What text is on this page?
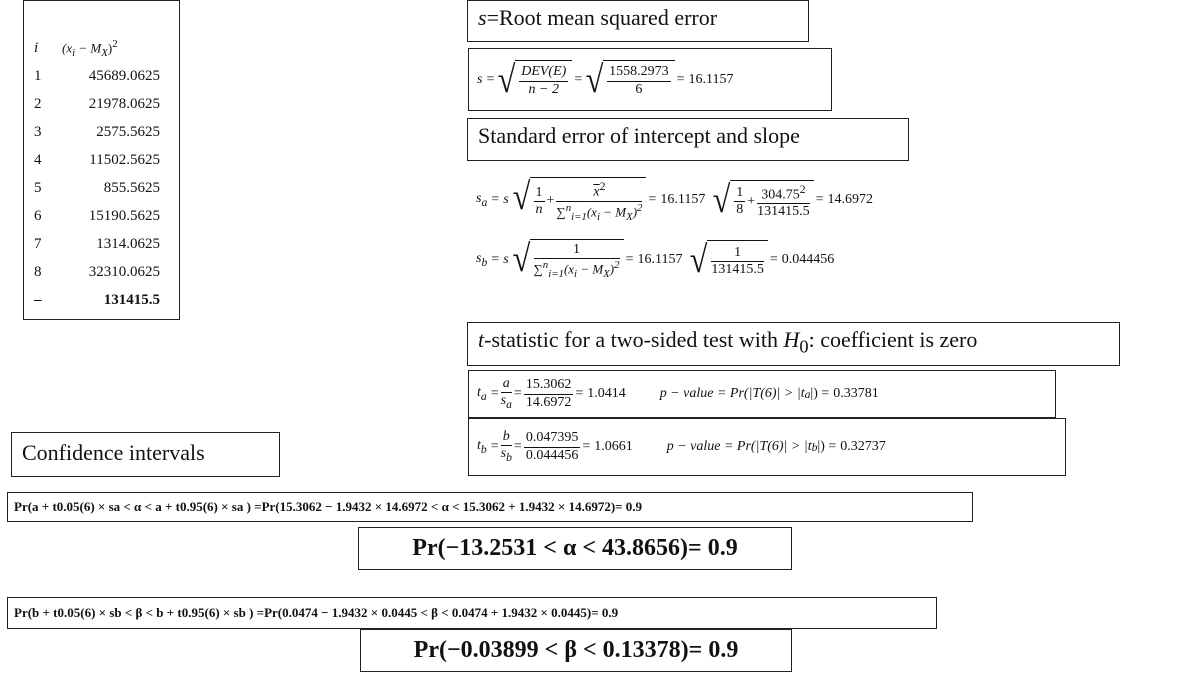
i	$(x_i - M_X)^2$
1	45689.0625
2	21978.0625
3	2575.5625
4	11502.5625
5	855.5625
6	15190.5625
7	1314.0625
8	32310.0625
–	131415.5
s=Root mean squared error
s = √ $\frac{\text{DEV(E)}}{n - 2}$ = √ $\frac{1558.2973}{6} = 16.1157$
Standard error of intercept and slope
$s_a = s$ √ $\frac{1}{n} + \frac{\overline{x}^2}{\sum^n_{i=1}(x_i - M_X)^2} = 16.1157$ √ $\frac{1}{8} + \frac{304.75^2}{131415.5} = 14.6972$
$s_b = s$ √ $\frac{1}{\sum^n_{i=1}(x_i - M_X)^2} = 16.1157$ √ $\frac{1}{131415.5} = 0.044456$
t-statistic for a two-sided test with $H_0$: coefficient is zero
$t_a = \frac{a}{s_a} = \frac{15.3062}{14.6972} = 1.0414$ p − value = Pr(|T(6)| > |t a |) = 0.33781
$t_b = \frac{b}{s_b} = \frac{0.047395}{0.044456} = 1.0661$ p − value = Pr(|T(6)| > |t b |) = 0.32737
Confidence intervals
Pr(a + t0.05(6) × sa < α < a + t0.95(6) × sa ) =Pr(15.3062 − 1.9432 × 14.6972 < α < 15.3062 + 1.9432 × 14.6972)= 0.9
Pr(−13.2531 < α < 43.8656)= 0.9
Pr(b + t0.05(6) × sb < β < b + t0.95(6) × sb ) =Pr(0.0474 − 1.9432 × 0.0445 < β < 0.0474 + 1.9432 × 0.0445)= 0.9
Pr(−0.03899 < β < 0.13378)= 0.9
